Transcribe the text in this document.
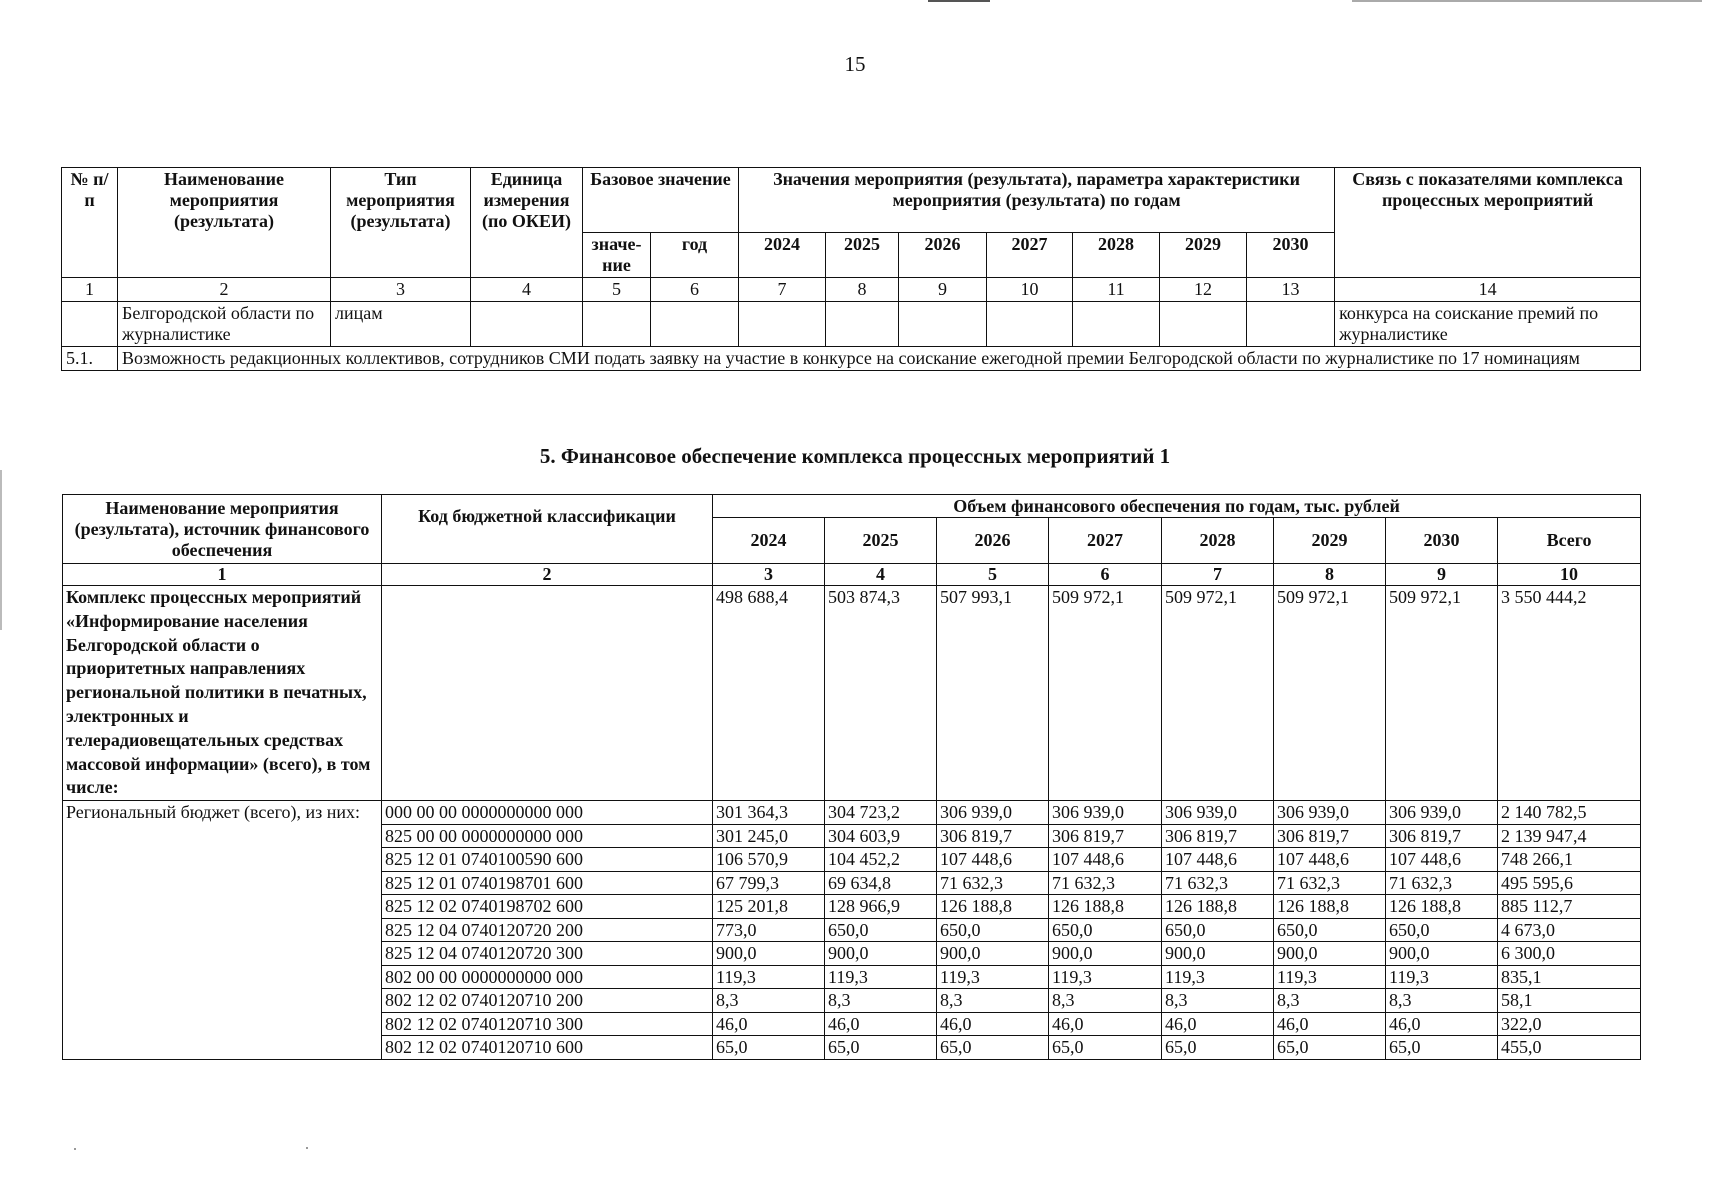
15
№ п/п	Наименование мероприятия (результата)	Тип мероприятия (результата)	Единица измерения (по ОКЕИ)	Базовое значение		Значения мероприятия (результата), параметра характеристики мероприятия (результата) по годам							Связь с показателями комплекса процессных мероприятий
				значе-ние	год	2024	2025	2026	2027	2028	2029	2030	
1	2	3	4	5	6	7	8	9	10	11	12	13	14
	Белгородской области по журналистике	лицам											конкурса на соискание премий по журналистике
5.1.	Возможность редакционных коллективов, сотрудников СМИ подать заявку на участие в конкурсе на соискание ежегодной премии Белгородской области по журналистике по 17 номинациям												
5. Финансовое обеспечение комплекса процессных мероприятий 1
Наименование мероприятия (результата), источник финансового обеспечения	Код бюджетной классификации	Объем финансового обеспечения по годам, тыс. рублей							
		2024	2025	2026	2027	2028	2029	2030	Всего
1	2	3	4	5	6	7	8	9	10
Комплекс процессных мероприятий «Информирование населения Белгородской области о приоритетных направлениях региональной политики в печатных, электронных и телерадиовещательных средствах массовой информации» (всего), в том числе:		498 688,4	503 874,3	507 993,1	509 972,1	509 972,1	509 972,1	509 972,1	3 550 444,2
Региональный бюджет (всего), из них:	000 00 00 0000000000 000	301 364,3	304 723,2	306 939,0	306 939,0	306 939,0	306 939,0	306 939,0	2 140 782,5
	825 00 00 0000000000 000	301 245,0	304 603,9	306 819,7	306 819,7	306 819,7	306 819,7	306 819,7	2 139 947,4
	825 12 01 0740100590 600	106 570,9	104 452,2	107 448,6	107 448,6	107 448,6	107 448,6	107 448,6	748 266,1
	825 12 01 0740198701 600	67 799,3	69 634,8	71 632,3	71 632,3	71 632,3	71 632,3	71 632,3	495 595,6
	825 12 02 0740198702 600	125 201,8	128 966,9	126 188,8	126 188,8	126 188,8	126 188,8	126 188,8	885 112,7
	825 12 04 0740120720 200	773,0	650,0	650,0	650,0	650,0	650,0	650,0	4 673,0
	825 12 04 0740120720 300	900,0	900,0	900,0	900,0	900,0	900,0	900,0	6 300,0
	802 00 00 0000000000 000	119,3	119,3	119,3	119,3	119,3	119,3	119,3	835,1
	802 12 02 0740120710 200	8,3	8,3	8,3	8,3	8,3	8,3	8,3	58,1
	802 12 02 0740120710 300	46,0	46,0	46,0	46,0	46,0	46,0	46,0	322,0
	802 12 02 0740120710 600	65,0	65,0	65,0	65,0	65,0	65,0	65,0	455,0
